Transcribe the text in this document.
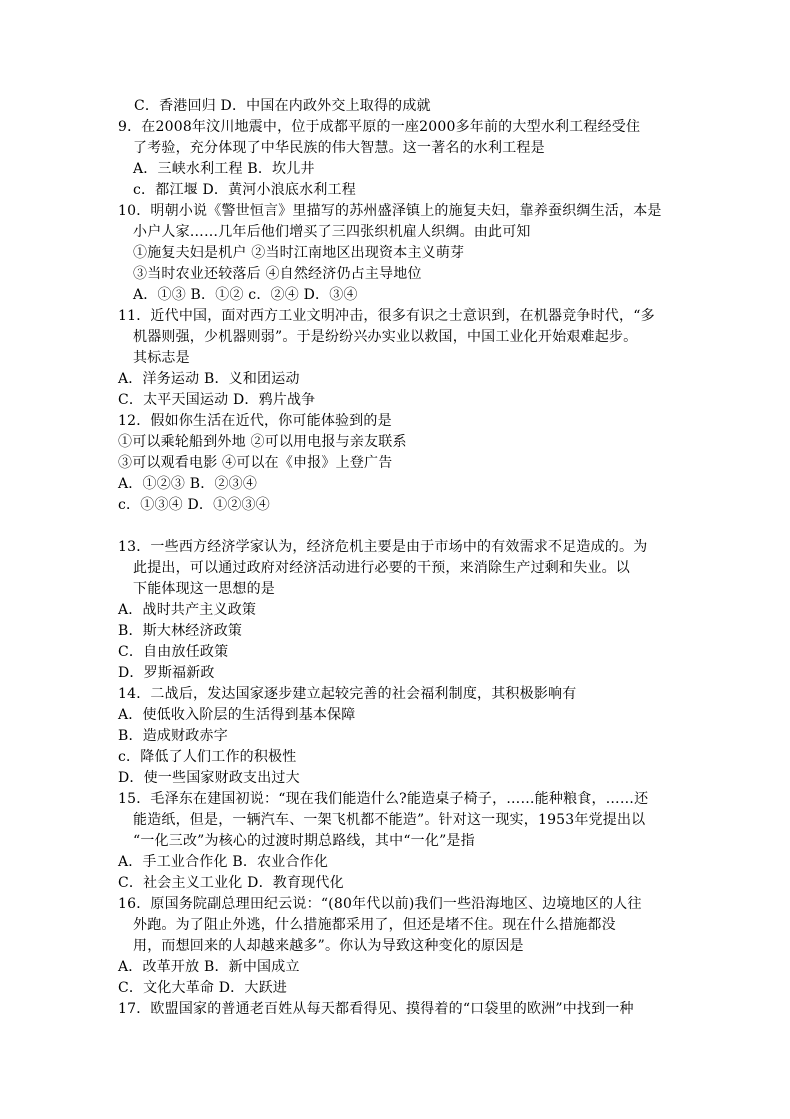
C．香港回归 D．中国在内政外交上取得的成就
9．在2008年汶川地震中，位于成都平原的一座2000多年前的大型水利工程经受住
了考验，充分体现了中华民族的伟大智慧。这一著名的水利工程是
A．三峡水利工程 B．坎儿井
c．都江堰 D．黄河小浪底水利工程
10．明朝小说《警世恒言》里描写的苏州盛泽镇上的施复夫妇，靠养蚕织绸生活，本是
小户人家……几年后他们增买了三四张织机雇人织绸。由此可知
①施复夫妇是机户 ②当时江南地区出现资本主义萌芽
③当时农业还较落后 ④自然经济仍占主导地位
A．①③ B．①② c．②④ D．③④
11．近代中国，面对西方工业文明冲击，很多有识之士意识到，在机器竞争时代，“多
机器则强，少机器则弱”。于是纷纷兴办实业以救国，中国工业化开始艰难起步。
其标志是
A．洋务运动 B．义和团运动
C．太平天国运动 D．鸦片战争
12．假如你生活在近代，你可能体验到的是
①可以乘轮船到外地 ②可以用电报与亲友联系
③可以观看电影 ④可以在《申报》上登广告
A．①②③ B．②③④
c．①③④ D．①②③④
13．一些西方经济学家认为，经济危机主要是由于市场中的有效需求不足造成的。为
此提出，可以通过政府对经济活动进行必要的干预，来消除生产过剩和失业。以
下能体现这一思想的是
A．战时共产主义政策
B．斯大林经济政策
C．自由放任政策
D．罗斯福新政
14．二战后，发达国家逐步建立起较完善的社会福利制度，其积极影响有
A．使低收入阶层的生活得到基本保障
B．造成财政赤字
c．降低了人们工作的积极性
D．使一些国家财政支出过大
15．毛泽东在建国初说：“现在我们能造什么?能造桌子椅子，……能种粮食，……还
能造纸，但是，一辆汽车、一架飞机都不能造”。针对这一现实，1953年党提出以
“一化三改”为核心的过渡时期总路线，其中“一化”是指
A．手工业合作化 B．农业合作化
C．社会主义工业化 D．教育现代化
16．原国务院副总理田纪云说：“(80年代以前)我们一些沿海地区、边境地区的人往
外跑。为了阻止外逃，什么措施都采用了，但还是堵不住。现在什么措施都没
用，而想回来的人却越来越多”。你认为导致这种变化的原因是
A．改革开放 B．新中国成立
C．文化大革命 D．大跃进
17．欧盟国家的普通老百姓从每天都看得见、摸得着的“口袋里的欧洲”中找到一种
